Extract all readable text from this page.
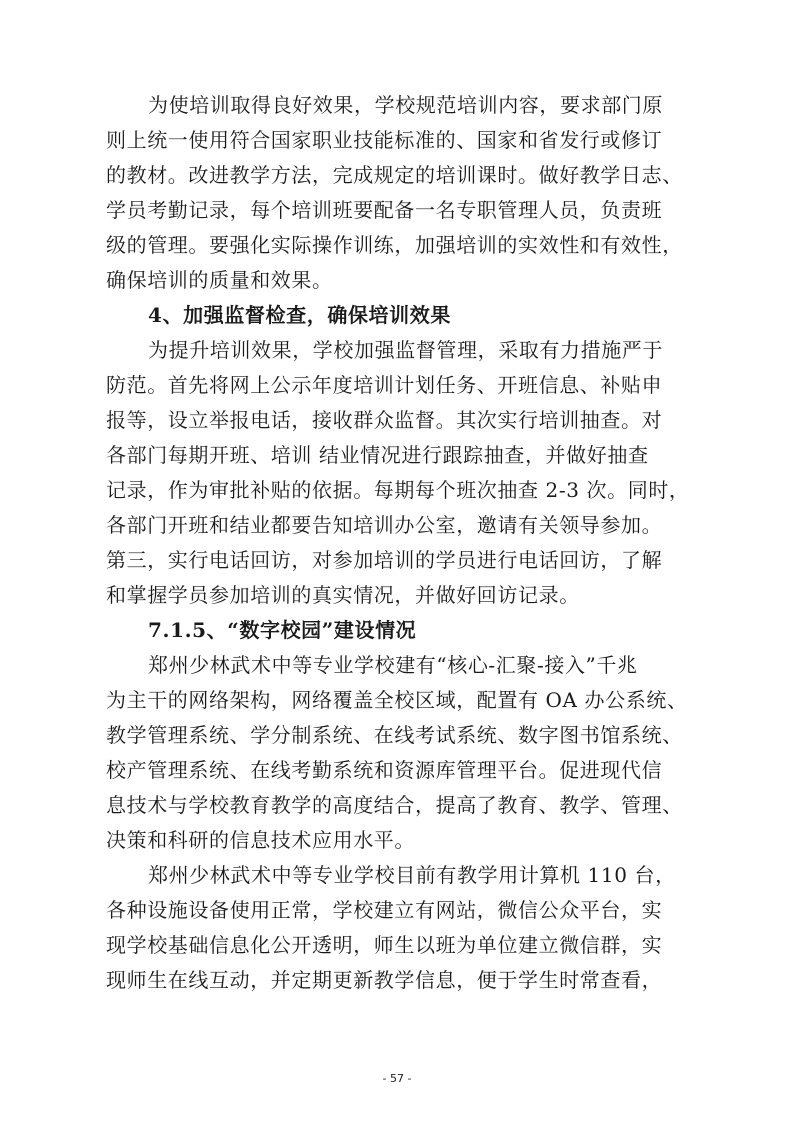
为使培训取得良好效果，学校规范培训内容，要求部门原
则上统一使用符合国家职业技能标准的、国家和省发行或修订
的教材。改进教学方法，完成规定的培训课时。做好教学日志、
学员考勤记录，每个培训班要配备一名专职管理人员，负责班
级的管理。要强化实际操作训练，加强培训的实效性和有效性，
确保培训的质量和效果。
4、加强监督检查，确保培训效果
为提升培训效果，学校加强监督管理，采取有力措施严于
防范。首先将网上公示年度培训计划任务、开班信息、补贴申
报等，设立举报电话，接收群众监督。其次实行培训抽查。对
各部门每期开班、培训 结业情况进行跟踪抽查，并做好抽查
记录，作为审批补贴的依据。每期每个班次抽查 2-3 次。同时，
各部门开班和结业都要告知培训办公室，邀请有关领导参加。
第三，实行电话回访，对参加培训的学员进行电话回访，了解
和掌握学员参加培训的真实情况，并做好回访记录。
7.1.5、“数字校园”建设情况
郑州少林武术中等专业学校建有“核心-汇聚-接入”千兆
为主干的网络架构，网络覆盖全校区域，配置有 OA 办公系统、
教学管理系统、学分制系统、在线考试系统、数字图书馆系统、
校产管理系统、在线考勤系统和资源库管理平台。促进现代信
息技术与学校教育教学的高度结合，提高了教育、教学、管理、
决策和科研的信息技术应用水平。
郑州少林武术中等专业学校目前有教学用计算机 110 台，
各种设施设备使用正常，学校建立有网站，微信公众平台，实
现学校基础信息化公开透明，师生以班为单位建立微信群，实
现师生在线互动，并定期更新教学信息，便于学生时常查看，
- 57 -
